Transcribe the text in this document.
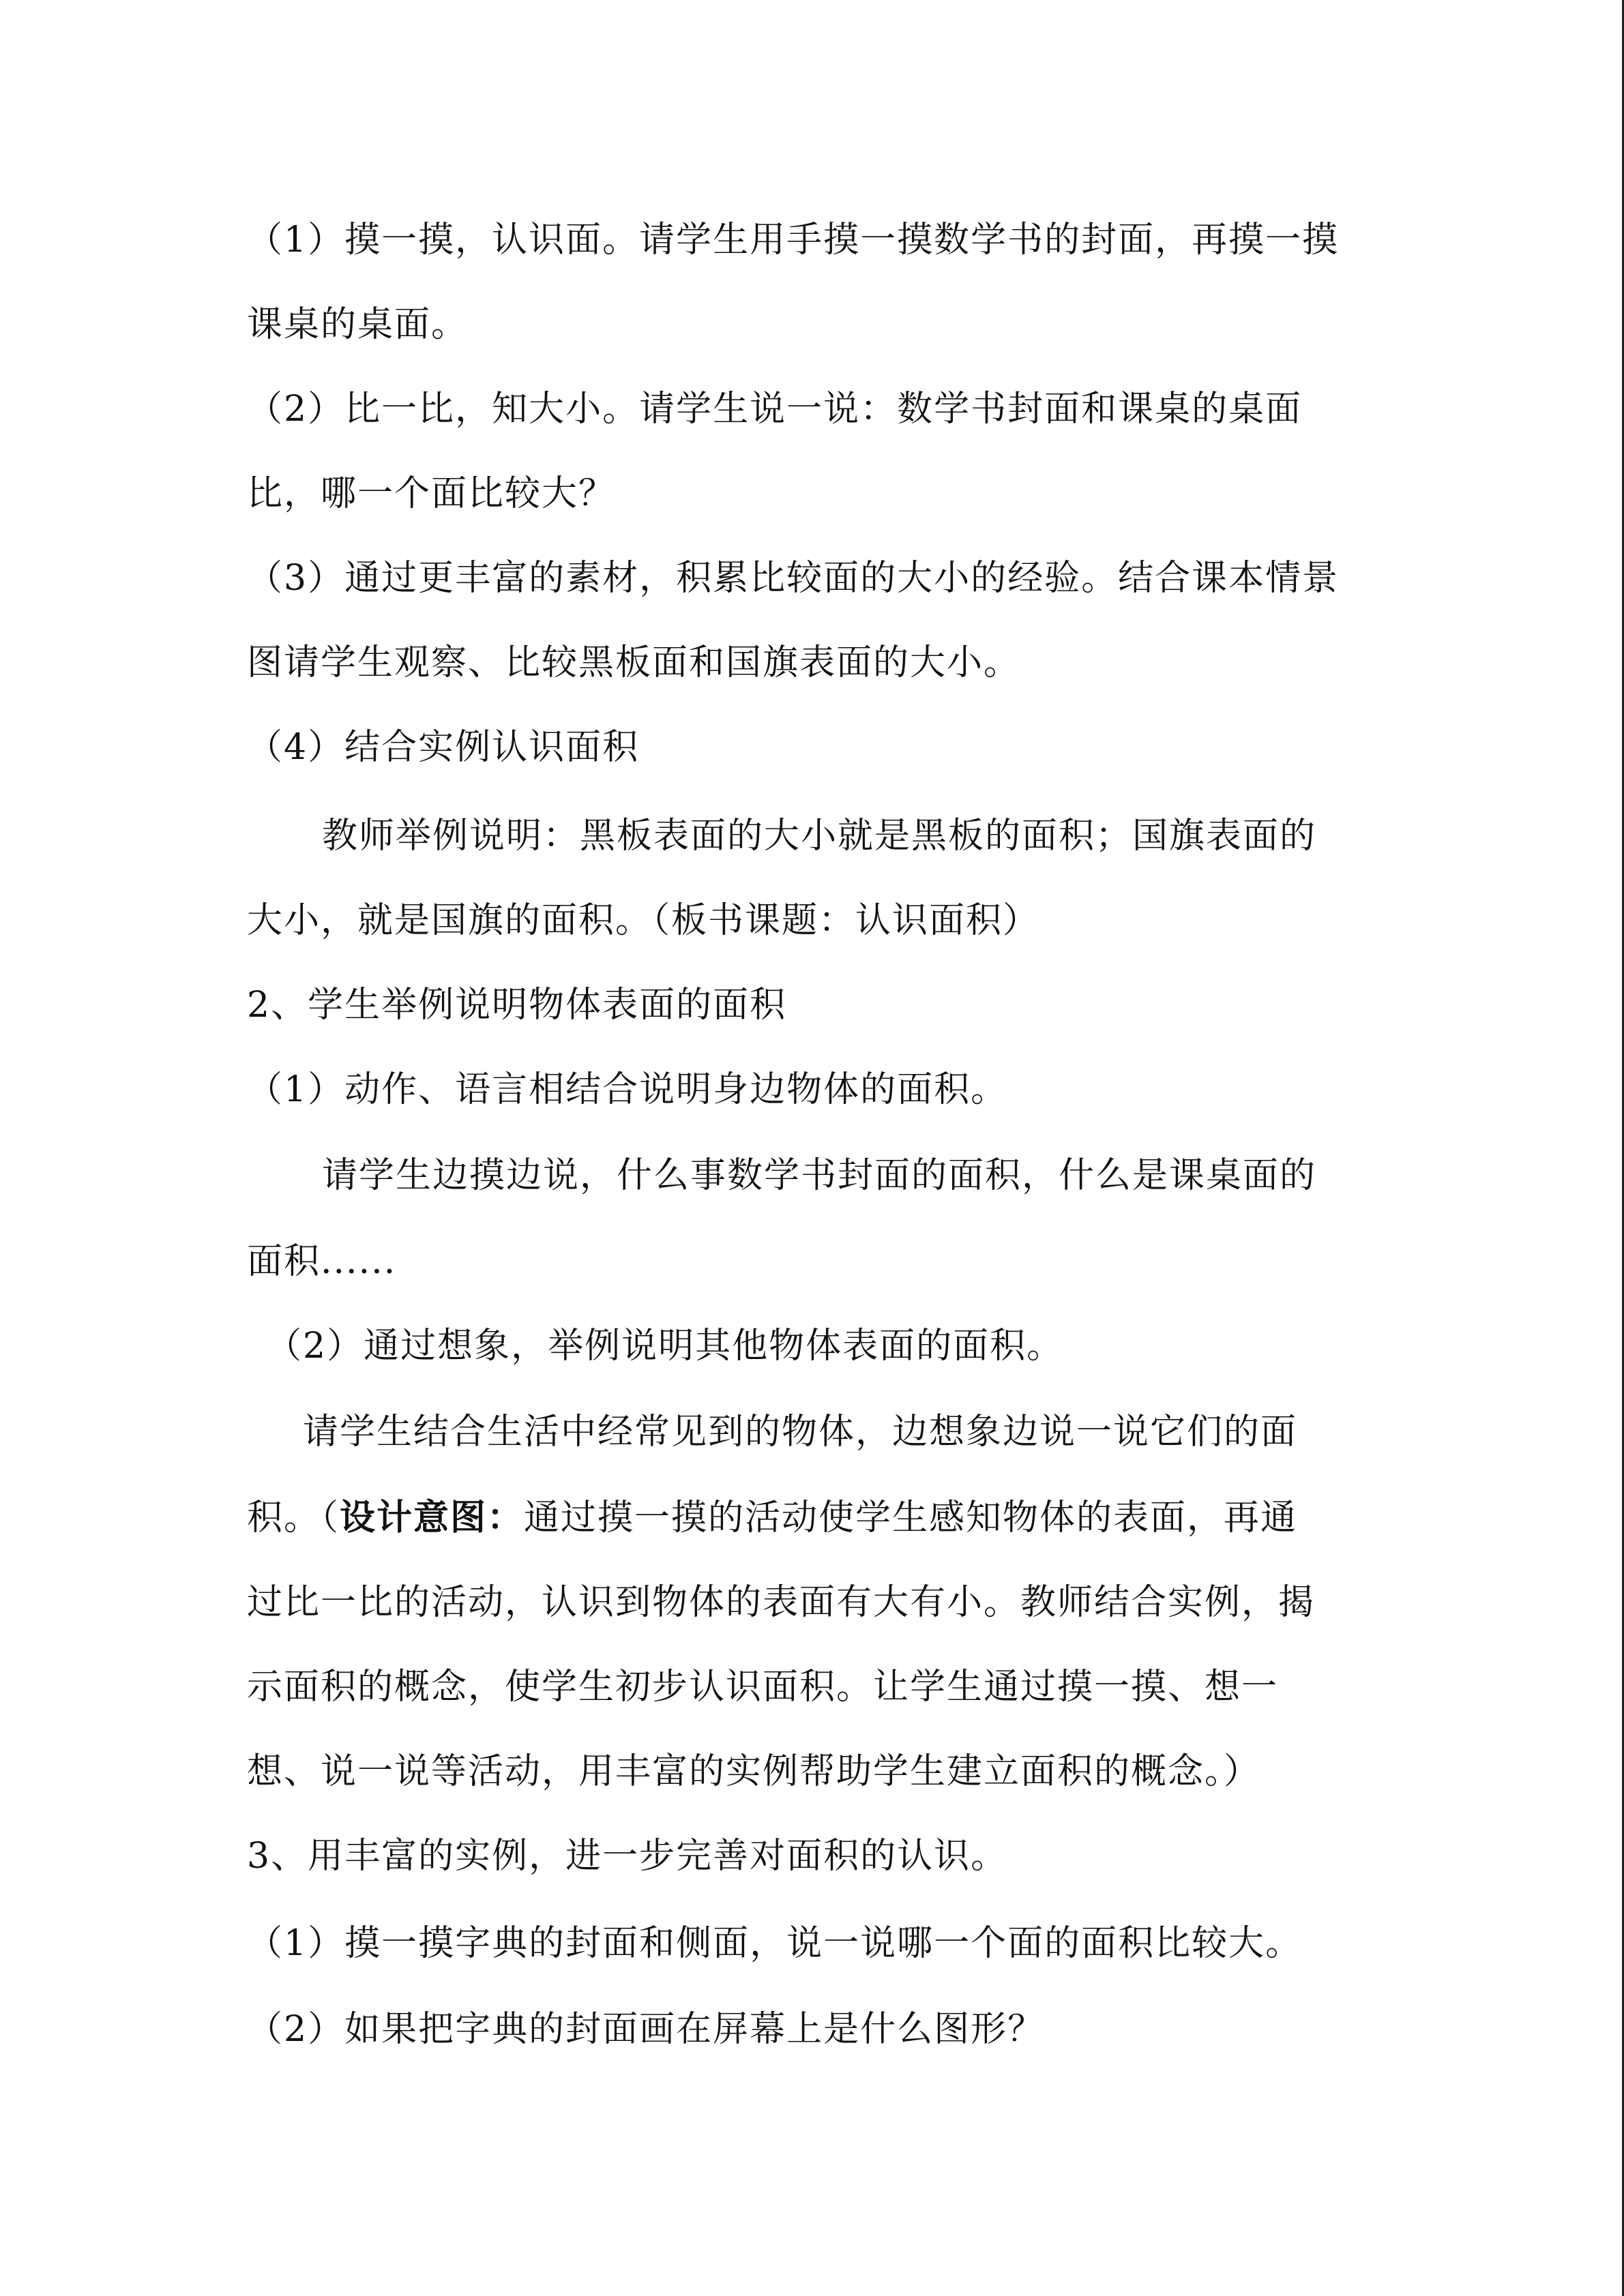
（1）摸一摸，认识面。请学生用手摸一摸数学书的封面，再摸一摸
课桌的桌面。
（2）比一比，知大小。请学生说一说：数学书封面和课桌的桌面
比，哪一个面比较大？
（3）通过更丰富的素材，积累比较面的大小的经验。结合课本情景
图请学生观察、比较黑板面和国旗表面的大小。
（4）结合实例认识面积
教师举例说明：黑板表面的大小就是黑板的面积；国旗表面的
大小，就是国旗的面积。（板书课题：认识面积）
2、学生举例说明物体表面的面积
（1）动作、语言相结合说明身边物体的面积。
请学生边摸边说，什么事数学书封面的面积，什么是课桌面的
面积......
（2）通过想象，举例说明其他物体表面的面积。
请学生结合生活中经常见到的物体，边想象边说一说它们的面
积。（设计意图：通过摸一摸的活动使学生感知物体的表面，再通
过比一比的活动，认识到物体的表面有大有小。教师结合实例，揭
示面积的概念，使学生初步认识面积。让学生通过摸一摸、想一
想、说一说等活动，用丰富的实例帮助学生建立面积的概念。）
3、用丰富的实例，进一步完善对面积的认识。
（1）摸一摸字典的封面和侧面，说一说哪一个面的面积比较大。
（2）如果把字典的封面画在屏幕上是什么图形？
